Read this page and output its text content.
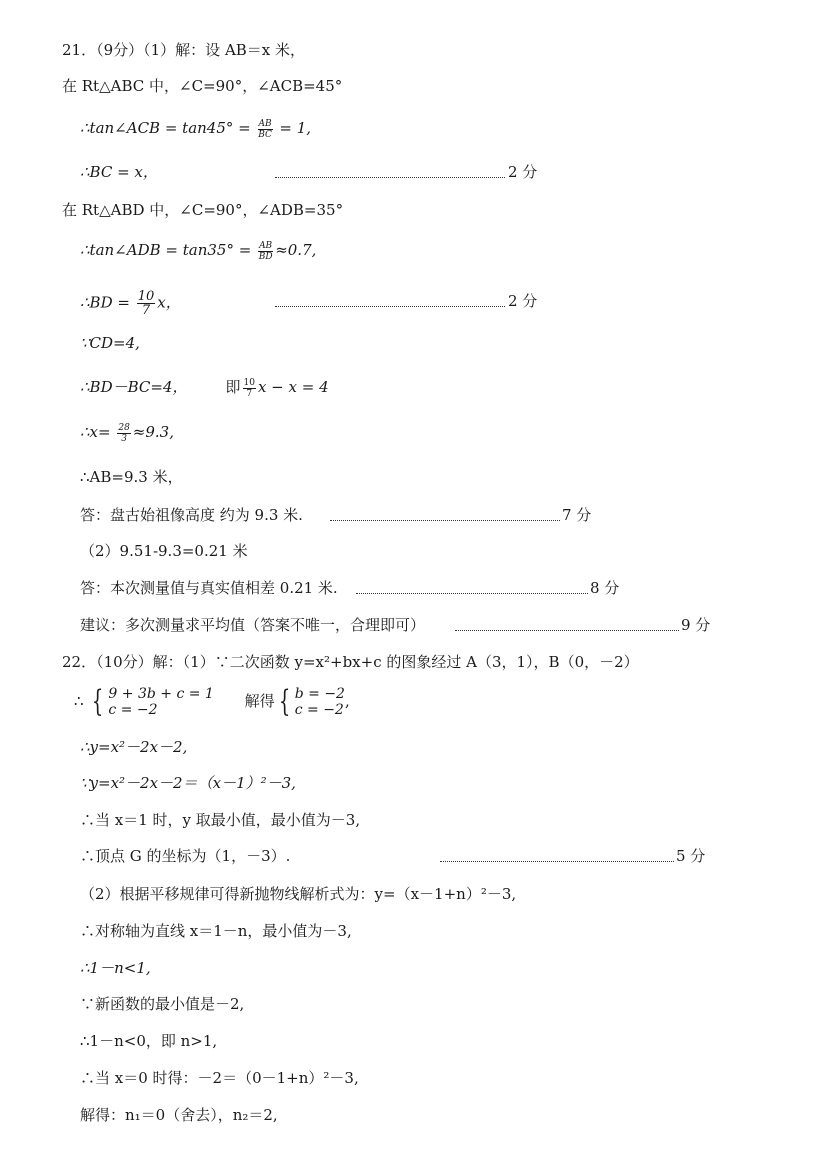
21．（9分）（1）解：设 AB＝x 米，
在 Rt△ABC 中，∠C=90°，∠ACB=45°
∴tan∠ACB = $\tan 45^\circ = \frac{AB}{BC} = 1$,
∴BC = x，	2 分
在 Rt△ABD 中，∠C=90°，∠ADB=35°
∴tan∠ADB = $\tan 35^\circ = \frac{AB}{BD} \approx 0.7$,
∴BD = $\frac{10}{7}$ x，	2 分
∵CD=4,
∴BD－BC=4，	即 $\frac{10}{7}$ x − x = 4
∴x= $\frac{28}{3} \approx 9.3$,
∴AB=9.3 米，
答：盘古始祖像高度 约为 9.3 米.	7 分
（2）9.51-9.3=0.21 米
答：本次测量值与真实值相差 0.21 米.	8 分
建议：多次测量求平均值（答案不唯一，合理即可）	9 分
22．（10分）解：（1）∵二次函数 y=x²+bx+c 的图象经过 A（3，1），B（0，－2）
∴ { 9 + 3b + c = 1
c = −2	解得 { b = −2
c = −2 ,
∴y=x²－2x－2,
∵y=x²－2x－2＝（x－1）²－3,
∴当 x＝1 时，y 取最小值，最小值为－3,
∴顶点 G 的坐标为（1，－3）.	5 分
（2）根据平移规律可得新抛物线解析式为：y=（x－1+n）²－3,
∴对称轴为直线 x＝1－n，最小值为－3,
∴1－n<1,
∵新函数的最小值是－2,
∴1－n<0，即 n>1,
∴当 x＝0 时得：－2＝（0－1+n）²－3,
解得：n₁＝0（舍去），n₂＝2,
